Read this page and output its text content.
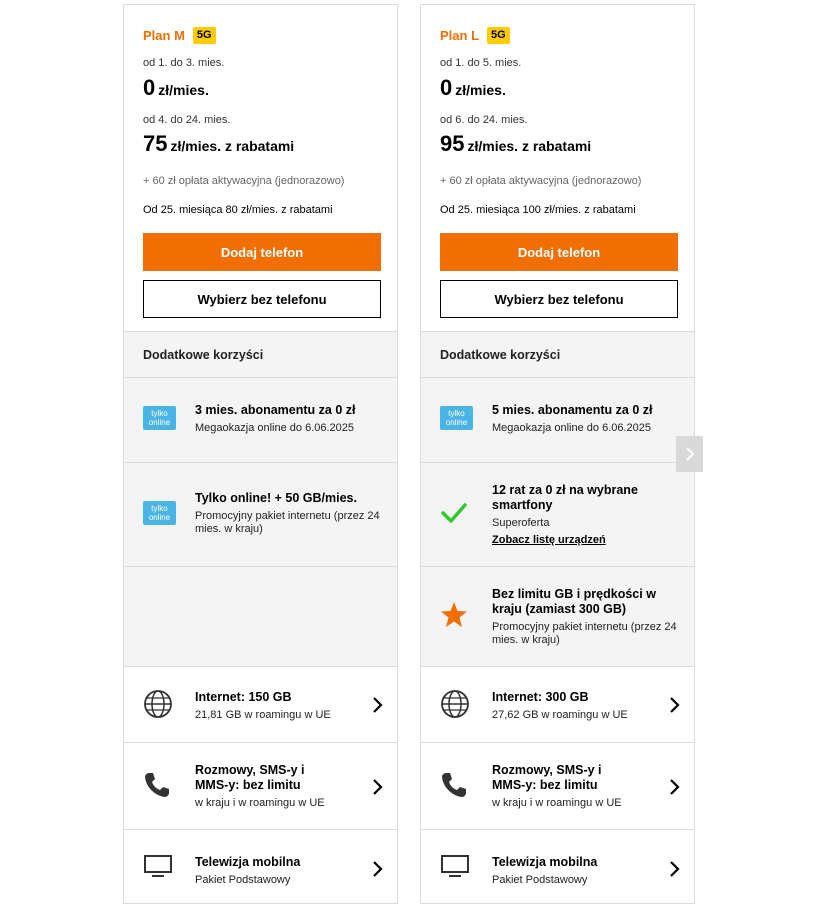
Plan M	5G
od 1. do 3. mies.
0 zł/mies.
od 4. do 24. mies.
75 zł/mies. z rabatami
+ 60 zł opłata aktywacyjna (jednorazowo)
Od 25. miesiąca 80 zł/mies. z rabatami
Dodaj telefon
Wybierz bez telefonu
Dodatkowe korzyści
tylko
online
3 mies. abonamentu za 0 zł
Megaokazja online do 6.06.2025
tylko
online
Tylko online! + 50 GB/mies.
Promocyjny pakiet internetu (przez 24 mies. w kraju)
Internet: 150 GB
21,81 GB w roamingu w UE
Rozmowy, SMS-y i MMS-y: bez limitu
w kraju i w roamingu w UE
Telewizja mobilna
Pakiet Podstawowy
Plan L	5G
od 1. do 5. mies.
0 zł/mies.
od 6. do 24. mies.
95 zł/mies. z rabatami
+ 60 zł opłata aktywacyjna (jednorazowo)
Od 25. miesiąca 100 zł/mies. z rabatami
Dodaj telefon
Wybierz bez telefonu
Dodatkowe korzyści
tylko
online
5 mies. abonamentu za 0 zł
Megaokazja online do 6.06.2025
12 rat za 0 zł na wybrane smartfony
Superoferta
Zobacz listę urządzeń
Bez limitu GB i prędkości w kraju (zamiast 300 GB)
Promocyjny pakiet internetu (przez 24 mies. w kraju)
Internet: 300 GB
27,62 GB w roamingu w UE
Rozmowy, SMS-y i MMS-y: bez limitu
w kraju i w roamingu w UE
Telewizja mobilna
Pakiet Podstawowy
